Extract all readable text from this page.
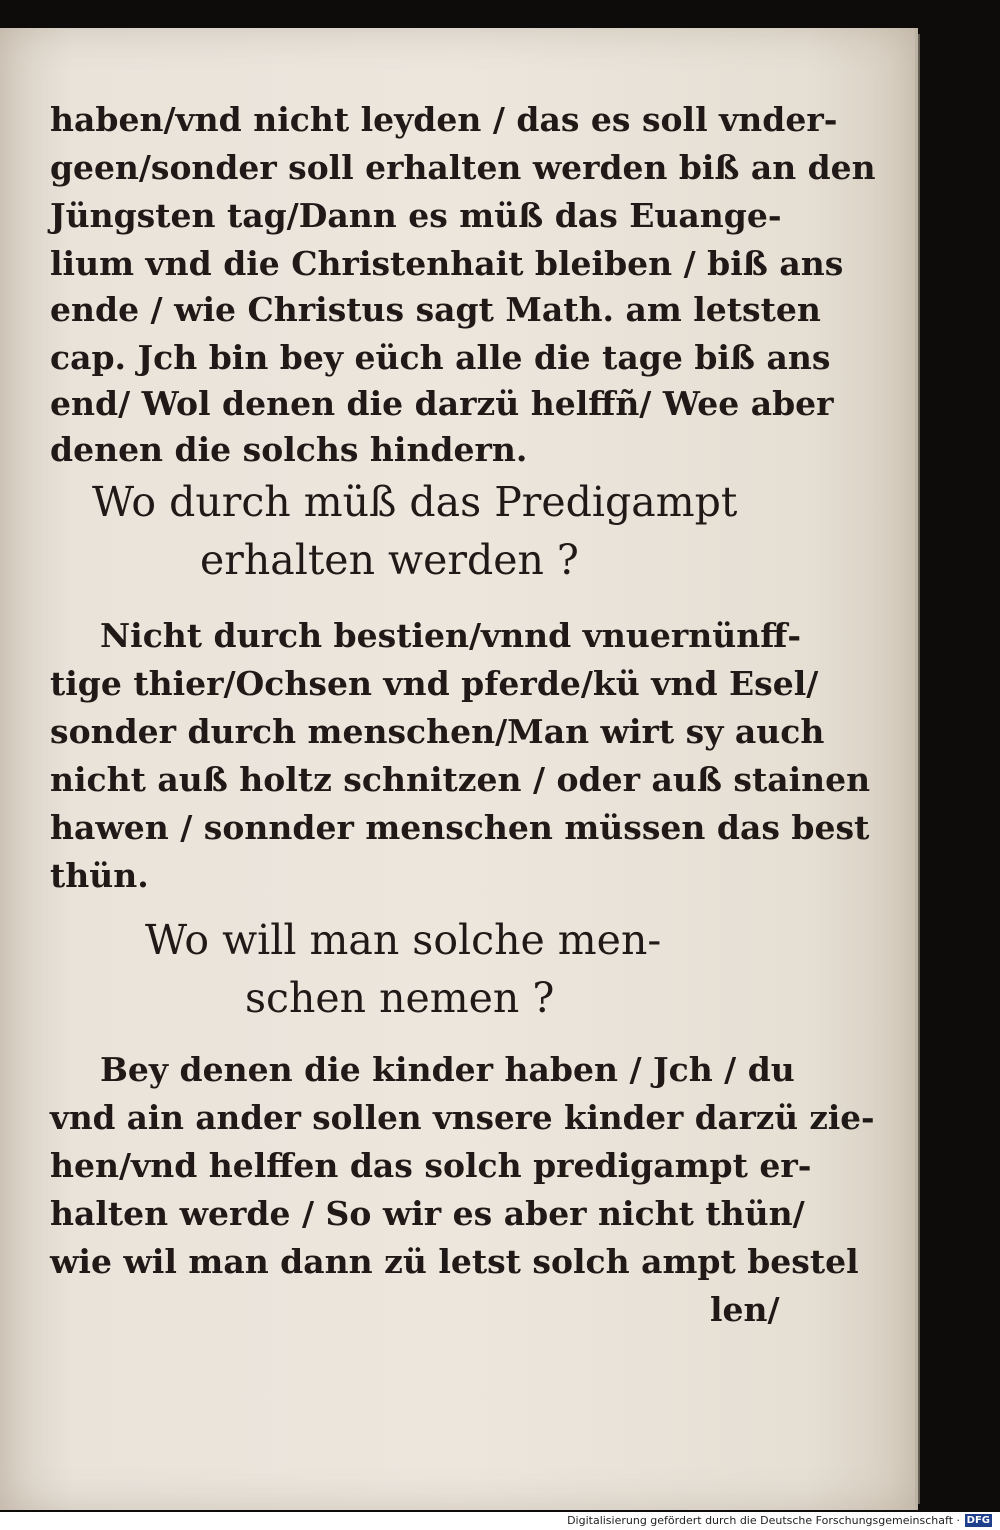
haben/vnd nicht leyden / das es soll vnder-
geen/sonder soll erhalten werden biß an den
Jüngsten tag/Dann es müß das Euange-
lium vnd die Christenhait bleiben / biß ans
ende / wie Christus sagt Math. am letsten
cap. Jch bin bey eüch alle die tage biß ans
end/ Wol denen die darzü helffñ/ Wee aber
denen die solchs hindern.
Wo durch müß das Predigampt
erhalten werden ?
Nicht durch bestien/vnnd vnuernünff-
tige thier/Ochsen vnd pferde/kü vnd Esel/
sonder durch menschen/Man wirt sy auch
nicht auß holtz schnitzen / oder auß stainen
hawen / sonnder menschen müssen das best
thün.
Wo will man solche men-
schen nemen ?
Bey denen die kinder haben / Jch / du
vnd ain ander sollen vnsere kinder darzü zie-
hen/vnd helffen das solch predigampt er-
halten werde / So wir es aber nicht thün/
wie wil man dann zü letst solch ampt bestel
len/
Digitalisierung gefördert durch die Deutsche Forschungsgemeinschaft · DFG
